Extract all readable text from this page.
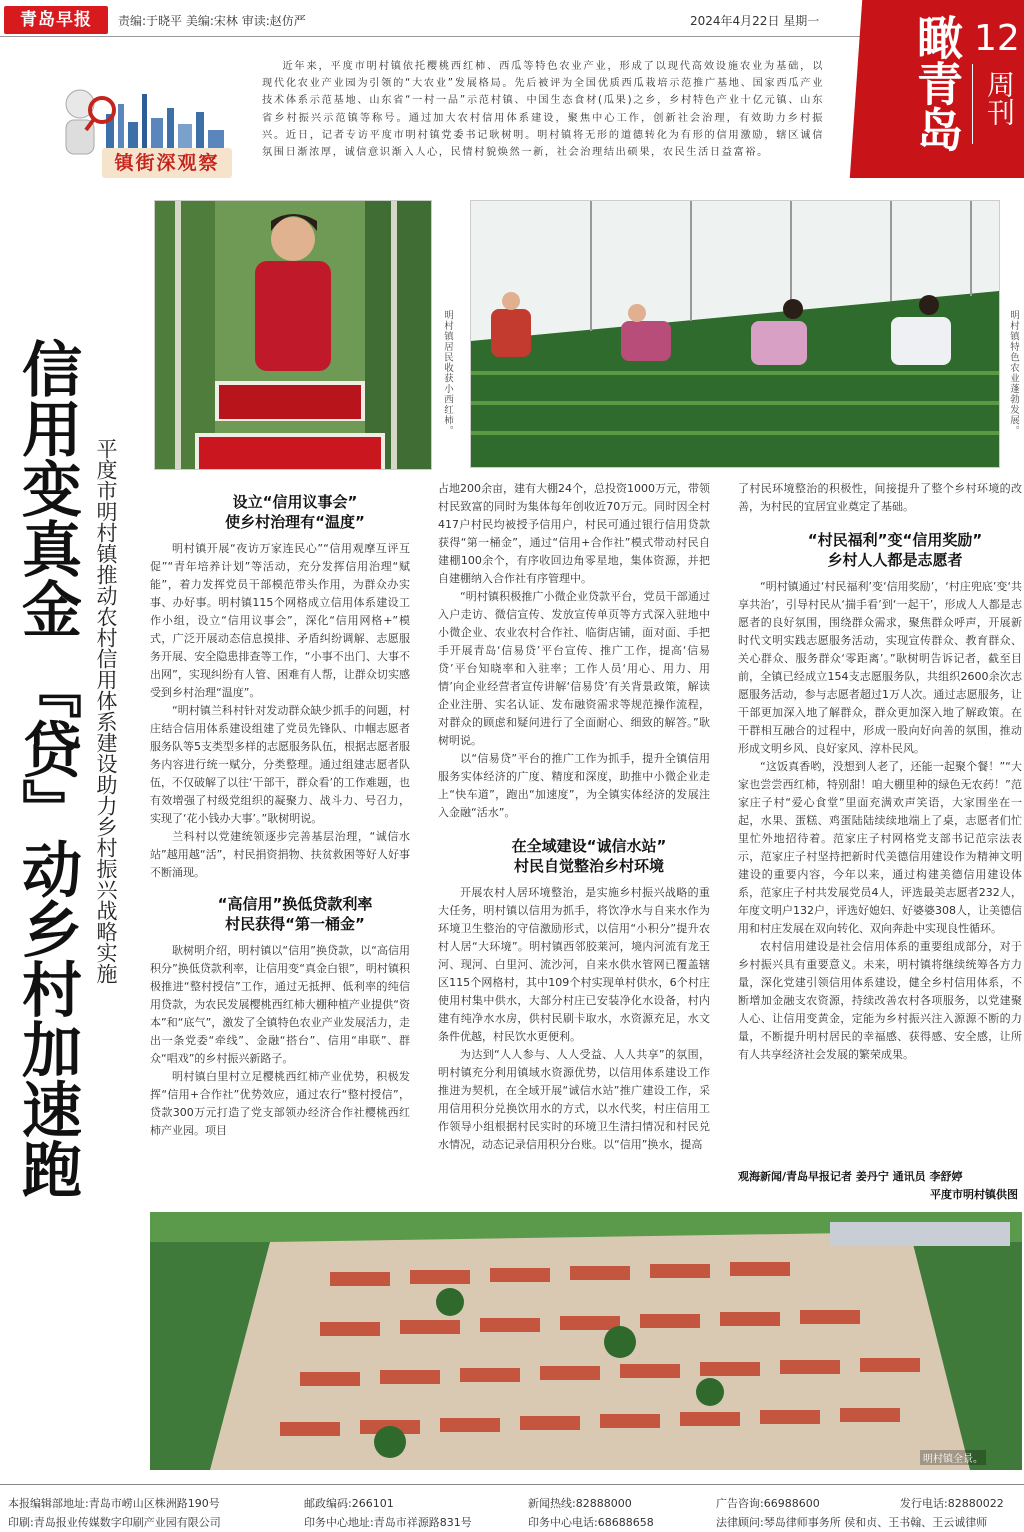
青岛早报	责编:于晓平 美编:宋林 审读:赵仿严	2024年4月22日 星期一 瞰青岛 12
周刊
镇街深观察
近年来，平度市明村镇依托樱桃西红柿、西瓜等特色农业产业，形成了以现代高效设施农业为基础，以现代化农业产业园为引领的“大农业”发展格局。先后被评为全国优质西瓜栽培示范推广基地、国家西瓜产业技术体系示范基地、山东省“一村一品”示范村镇、中国生态食材(瓜果)之乡，乡村特色产业十亿元镇、山东省乡村振兴示范镇等称号。通过加大农村信用体系建设，聚焦中心工作，创新社会治理，有效助力乡村振兴。近日，记者专访平度市明村镇党委书记耿树明。明村镇将无形的道德转化为有形的信用激励，辖区诚信氛围日渐浓厚，诚信意识渐入人心，民情村貌焕然一新，社会治理结出硕果，农民生活日益富裕。
明村镇居民收获小西红柿。	明村镇特色农业蓬勃发展。
信用变真金 『贷』动乡村加速跑 平度市明村镇推动农村信用体系建设助力乡村振兴战略实施	设立“信用议事会”

使乡村治理有“温度”

明村镇开展“夜访万家连民心”“信用观摩互评互促”“青年培养计划”等活动，充分发挥信用治理“赋能”，着力发挥党员干部模范带头作用，为群众办实事、办好事。明村镇115个网格成立信用体系建设工作小组，设立“信用议事会”，深化“信用网格+”模式，广泛开展动态信息摸排、矛盾纠纷调解、志愿服务开展、安全隐患排查等工作，“小事不出门、大事不出网”，实现纠纷有人管、困难有人帮，让群众切实感受到乡村治理“温度”。

“明村镇兰科村针对发动群众缺少抓手的问题，村庄结合信用体系建设组建了党员先锋队、巾帼志愿者服务队等5支类型多样的志愿服务队伍，根据志愿者服务内容进行统一赋分，分类整理。通过组建志愿者队伍，不仅破解了以往‘干部干，群众看’的工作难题，也有效增强了村级党组织的凝聚力、战斗力、号召力，实现了‘花小钱办大事’。”耿树明说。

兰科村以党建统领逐步完善基层治理，“诚信水站”越用越“活”，村民捐资捐物、扶贫救困等好人好事不断涌现。

“高信用”换低贷款利率

村民获得“第一桶金”

耿树明介绍，明村镇以“信用”换贷款，以“高信用积分”换低贷款利率，让信用变“真金白银”，明村镇积极推进“整村授信”工作，通过无抵押、低利率的纯信用贷款，为农民发展樱桃西红柿大棚种植产业提供“资本”和“底气”，激发了全镇特色农业产业发展活力，走出一条党委“牵线”、金融“搭台”、信用“串联”、群众“唱戏”的乡村振兴新路子。

明村镇白里村立足樱桃西红柿产业优势，积极发挥“信用+合作社”优势效应，通过农行“整村授信”，贷款300万元打造了党支部领办经济合作社樱桃西红柿产业园。项目

占地200余亩，建有大棚24个，总投资1000万元，带领村民致富的同时为集体每年创收近70万元。同时因全村417户村民均被授予信用户，村民可通过银行信用贷款获得“第一桶金”，通过“信用+合作社”模式带动村民自建棚100余个，有序收回边角零星地，集体资源，并把自建棚纳入合作社有序管理中。

“明村镇积极推广小微企业贷款平台，党员干部通过入户走访、微信宣传、发放宣传单页等方式深入驻地中小微企业、农业农村合作社、临街店铺，面对面、手把手开展青岛‘信易贷’平台宣传、推广工作，提高‘信易贷’平台知晓率和入驻率；工作人员‘用心、用力、用情’向企业经营者宣传讲解‘信易贷’有关背景政策，解读企业注册、实名认证、发布融资需求等规范操作流程，对群众的顾虑和疑问进行了全面耐心、细致的解答。”耿树明说。

以“信易贷”平台的推广工作为抓手，提升全镇信用服务实体经济的广度、精度和深度，助推中小微企业走上“快车道”，跑出“加速度”，为全镇实体经济的发展注入金融“活水”。

在全域建设“诚信水站”

村民自觉整治乡村环境

开展农村人居环境整治，是实施乡村振兴战略的重大任务，明村镇以信用为抓手，将饮净水与自来水作为环境卫生整治的守信激励形式，以信用“小积分”提升农村人居“大环境”。明村镇西邻胶莱河，境内河流有龙王河、现河、白里河、流沙河，自来水供水管网已覆盖辖区115个网格村，其中109个村实现单村供水，6个村庄使用村集中供水，大部分村庄已安装净化水设备，村内建有纯净水水房，供村民刷卡取水，水资源充足，水文条件优越，村民饮水更便利。

为达到“人人参与、人人受益、人人共享”的氛围，明村镇充分利用镇域水资源优势，以信用体系建设工作推进为契机，在全域开展“诚信水站”推广建设工作，采用信用积分兑换饮用水的方式，以水代奖，村庄信用工作领导小组根据村民实时的环境卫生清扫情况和村民兑水情况，动态记录信用积分台账。以“信用”换水，提高

了村民环境整治的积极性，间接提升了整个乡村环境的改善，为村民的宜居宜业奠定了基础。

“村民福利”变“信用奖励”

乡村人人都是志愿者

“明村镇通过‘村民福利’变‘信用奖励’，‘村庄兜底’变‘共享共治’，引导村民从‘揣手看’到‘一起干’，形成人人都是志愿者的良好氛围，围绕群众需求，聚焦群众呼声，开展新时代文明实践志愿服务活动，实现宣传群众、教育群众、关心群众、服务群众‘零距离’。”耿树明告诉记者，截至目前，全镇已经成立154支志愿服务队，共组织2600余次志愿服务活动，参与志愿者超过1万人次。通过志愿服务，让干部更加深入地了解群众，群众更加深入地了解政策。在干群相互融合的过程中，形成一股向好向善的氛围，推动形成文明乡风、良好家风、淳朴民风。

“这饭真香哟，没想到人老了，还能一起聚个餐！”“大家也尝尝西红柿，特别甜！咱大棚里种的绿色无农药！”范家庄子村“爱心食堂”里面充满欢声笑语，大家围坐在一起，水果、蛋糕、鸡蛋陆陆续续地端上了桌，志愿者们忙里忙外地招待着。范家庄子村网格党支部书记范宗法表示，范家庄子村坚持把新时代美德信用建设作为精神文明建设的重要内容，今年以来，通过构建美德信用建设体系，范家庄子村共发展党员4人，评选最美志愿者232人，年度文明户132户，评选好媳妇、好婆婆308人，让美德信用和村庄发展在双向转化、双向奔赴中实现良性循环。

农村信用建设是社会信用体系的重要组成部分，对于乡村振兴具有重要意义。未来，明村镇将继续统筹各方力量，深化党建引领信用体系建设，健全乡村信用体系，不断增加金融支农资源，持续改善农村各项服务，以党建聚人心、让信用变黄金，定能为乡村振兴注入源源不断的力量，不断提升明村居民的幸福感、获得感、安全感，让所有人共享经济社会发展的繁荣成果。

观海新闻/青岛早报记者 姜丹宁 通讯员 李舒婷
平度市明村镇供图
明村镇全景。
本报编辑部地址:青岛市崂山区株洲路190号	邮政编码:266101	新闻热线:82888000	广告咨询:66988600	发行电话:82880022
印刷:青岛报业传媒数字印刷产业园有限公司	印务中心地址:青岛市祥源路831号	印务中心电话:68688658	法律顾问:琴岛律师事务所 侯和贞、王书翰、王云诚律师
